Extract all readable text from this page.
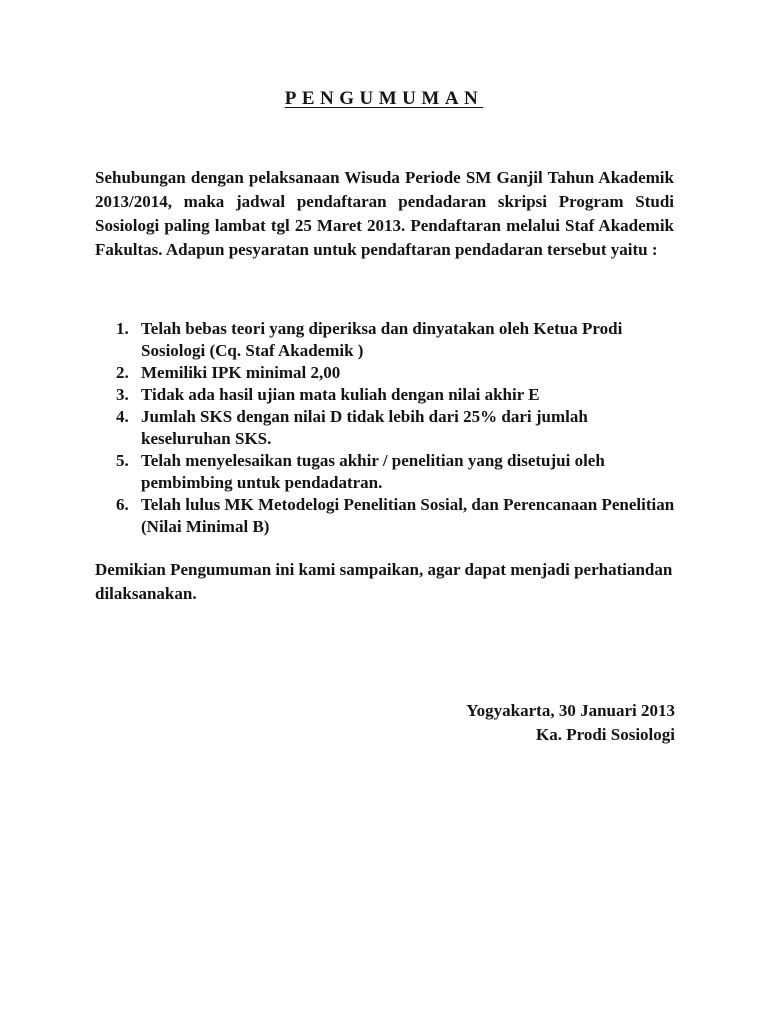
PENGUMUMAN

Sehubungan dengan pelaksanaan Wisuda Periode SM Ganjil Tahun Akademik 2013/2014, maka jadwal pendaftaran pendadaran skripsi Program Studi Sosiologi paling lambat tgl 25 Maret 2013. Pendaftaran melalui Staf Akademik Fakultas. Adapun pesyaratan untuk pendaftaran pendadaran tersebut yaitu :

1. Telah bebas teori yang diperiksa dan dinyatakan oleh Ketua Prodi Sosiologi (Cq. Staf Akademik )
2. Memiliki IPK minimal 2,00
3. Tidak ada hasil ujian mata kuliah dengan nilai akhir E
4. Jumlah SKS dengan nilai D tidak lebih dari 25% dari jumlah keseluruhan SKS.
5. Telah menyelesaikan tugas akhir / penelitian yang disetujui oleh pembimbing untuk pendadatran.
6. Telah lulus MK Metodelogi Penelitian Sosial, dan Perencanaan Penelitian (Nilai Minimal B)

Demikian Pengumuman ini kami sampaikan, agar dapat menjadi perhatiandan dilaksanakan.

Yogyakarta, 30 Januari 2013
Ka. Prodi Sosiologi
